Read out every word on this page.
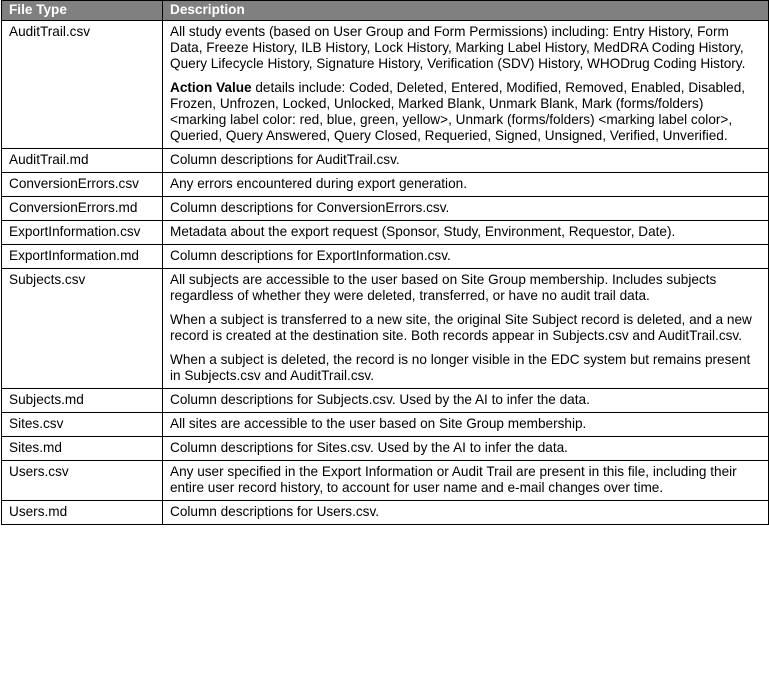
File Type	Description
AuditTrail.csv	All study events (based on User Group and Form Permissions) including: Entry History, Form Data, Freeze History, ILB History, Lock History, Marking Label History, MedDRA Coding History, Query Lifecycle History, Signature History, Verification (SDV) History, WHODrug Coding History.

Action Value details include: Coded, Deleted, Entered, Modified, Removed, Enabled, Disabled, Frozen, Unfrozen, Locked, Unlocked, Marked Blank, Unmark Blank, Mark (forms/folders) <marking label color: red, blue, green, yellow>, Unmark (forms/folders) <marking label color>, Queried, Query Answered, Query Closed, Requeried, Signed, Unsigned, Verified, Unverified.

AuditTrail.md	Column descriptions for AuditTrail.csv.

ConversionErrors.csv	Any errors encountered during export generation.

ConversionErrors.md	Column descriptions for ConversionErrors.csv.

ExportInformation.csv	Metadata about the export request (Sponsor, Study, Environment, Requestor, Date).

ExportInformation.md	Column descriptions for ExportInformation.csv.

Subjects.csv	All subjects are accessible to the user based on Site Group membership. Includes subjects regardless of whether they were deleted, transferred, or have no audit trail data.

When a subject is transferred to a new site, the original Site Subject record is deleted, and a new record is created at the destination site. Both records appear in Subjects.csv and AuditTrail.csv.

When a subject is deleted, the record is no longer visible in the EDC system but remains present in Subjects.csv and AuditTrail.csv.

Subjects.md	Column descriptions for Subjects.csv. Used by the AI to infer the data.

Sites.csv	All sites are accessible to the user based on Site Group membership.

Sites.md	Column descriptions for Sites.csv. Used by the AI to infer the data.

Users.csv	Any user specified in the Export Information or Audit Trail are present in this file, including their entire user record history, to account for user name and e-mail changes over time.

Users.md	Column descriptions for Users.csv.
